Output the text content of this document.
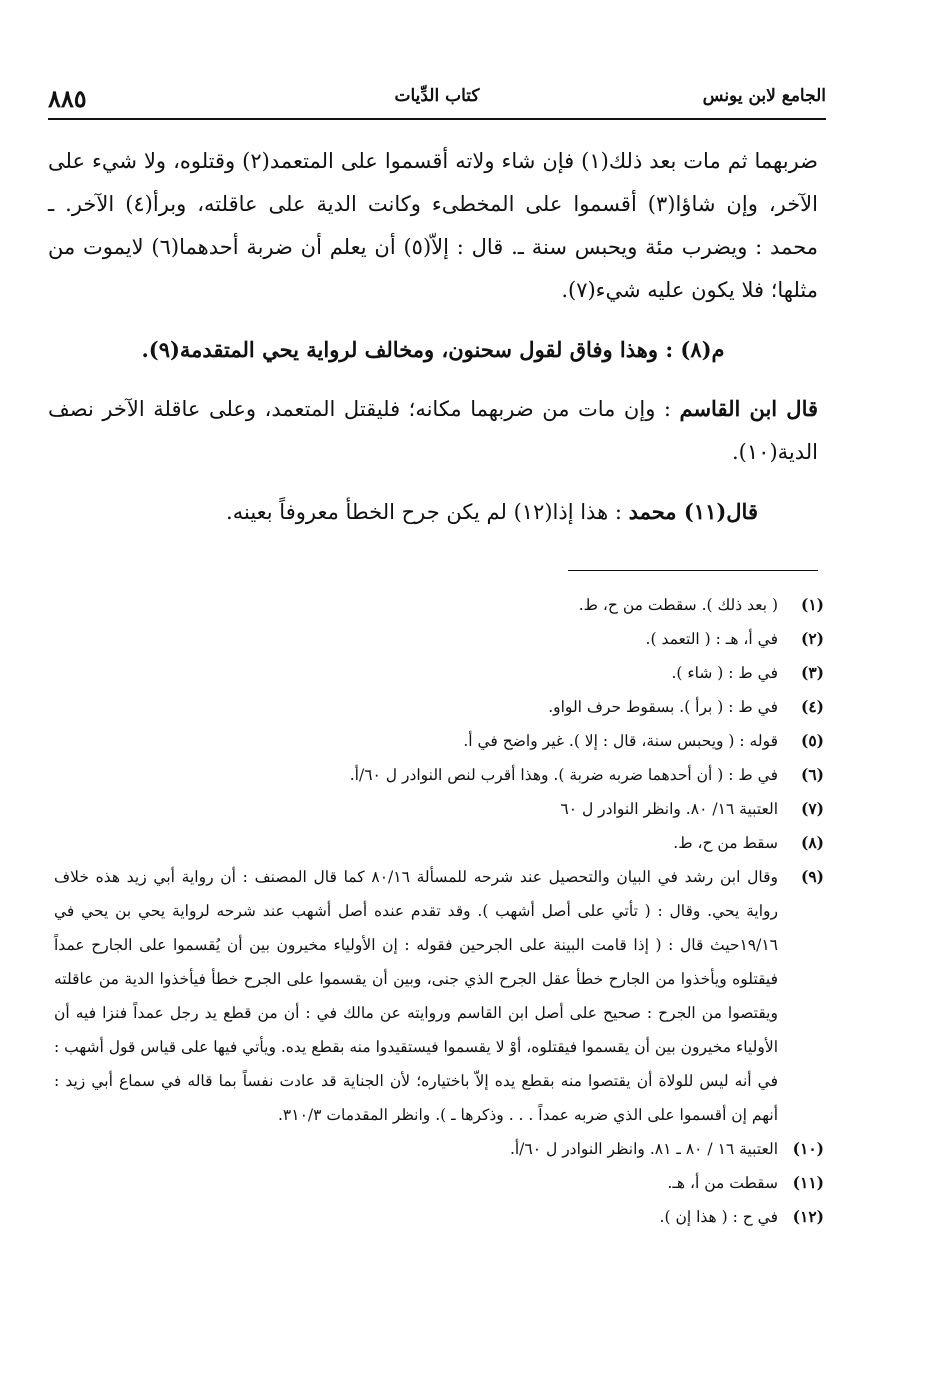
الجامع لابن يونس
كتاب الدِّيات
٨٨٥

ضربهما ثم مات بعد ذلك(١) فإن شاء ولاته أقسموا على المتعمد(٢) وقتلوه، ولا شيء على الآخر، وإن شاؤا(٣) أقسموا على المخطىء وكانت الدية على عاقلته، وبرأ(٤) الآخر. ـ محمد : ويضرب مئة ويحبس سنة ـ. قال : إلاّ(٥) أن يعلم أن ضربة أحدهما(٦) لايموت من مثلها؛ فلا يكون عليه شيء(٧).

م(٨) : وهذا وفاق لقول سحنون، ومخالف لرواية يحي المتقدمة(٩).

قال ابن القاسم : وإن مات من ضربهما مكانه؛ فليقتل المتعمد، وعلى عاقلة الآخر نصف الدية(١٠).

قال(١١) محمد : هذا إذا(١٢) لم يكن جرح الخطأ معروفاً بعينه.

(١)
( بعد ذلك ). سقطت من ح، ط.
(٢)
في أ، هـ : ( التعمد ).
(٣)
في ط : ( شاء ).
(٤)
في ط : ( برأ ). بسقوط حرف الواو.
(٥)
قوله : ( ويحبس سنة، قال : إلا ). غير واضح في أ.
(٦)
في ط : ( أن أحدهما ضربه ضربة ). وهذا أقرب لنص النوادر ل ٦٠/أ.
(٧)
العتبية ١٦/ ٨٠. وانظر النوادر ل ٦٠
(٨)
سقط من ح، ط.
(٩)
وقال ابن رشد في البيان والتحصيل عند شرحه للمسألة ٨٠/١٦ كما قال المصنف : أن رواية أبي زيد هذه خلاف رواية يحي. وقال : ( تأتي على أصل أشهب ). وقد تقدم عنده أصل أشهب عند شرحه لرواية يحي بن يحي في ١٩/١٦حيث قال : ( إذا قامت البينة على الجرحين فقوله : إن الأولياء مخيرون بين أن يُقسموا على الجارح عمداً فيقتلوه ويأخذوا من الجارح خطأ عقل الجرح الذي جنى، وبين أن يقسموا على الجرح خطأ فيأخذوا الدية من عاقلته ويقتصوا من الجرح : صحيح على أصل ابن القاسم وروايته عن مالك في : أن من قطع يد رجل عمداً فنزا فيه أن الأولياء مخيرون بين أن يقسموا فيقتلوه، أوْ لا يقسموا فيستقيدوا منه بقطع يده. ويأتي فيها على قياس قول أشهب : في أنه ليس للولاة أن يقتصوا منه بقطع يده إلاّ باختياره؛ لأن الجناية قد عادت نفساً بما قاله في سماع أبي زيد : أنهم إن أقسموا على الذي ضربه عمداً . . . وذكرها ـ ). وانظر المقدمات ٣١٠/٣.
(١٠)
العتبية ١٦ / ٨٠ ـ ٨١. وانظر النوادر ل ٦٠/أ.
(١١)
سقطت من أ، هـ.
(١٢)
في ح : ( هذا إن ).
